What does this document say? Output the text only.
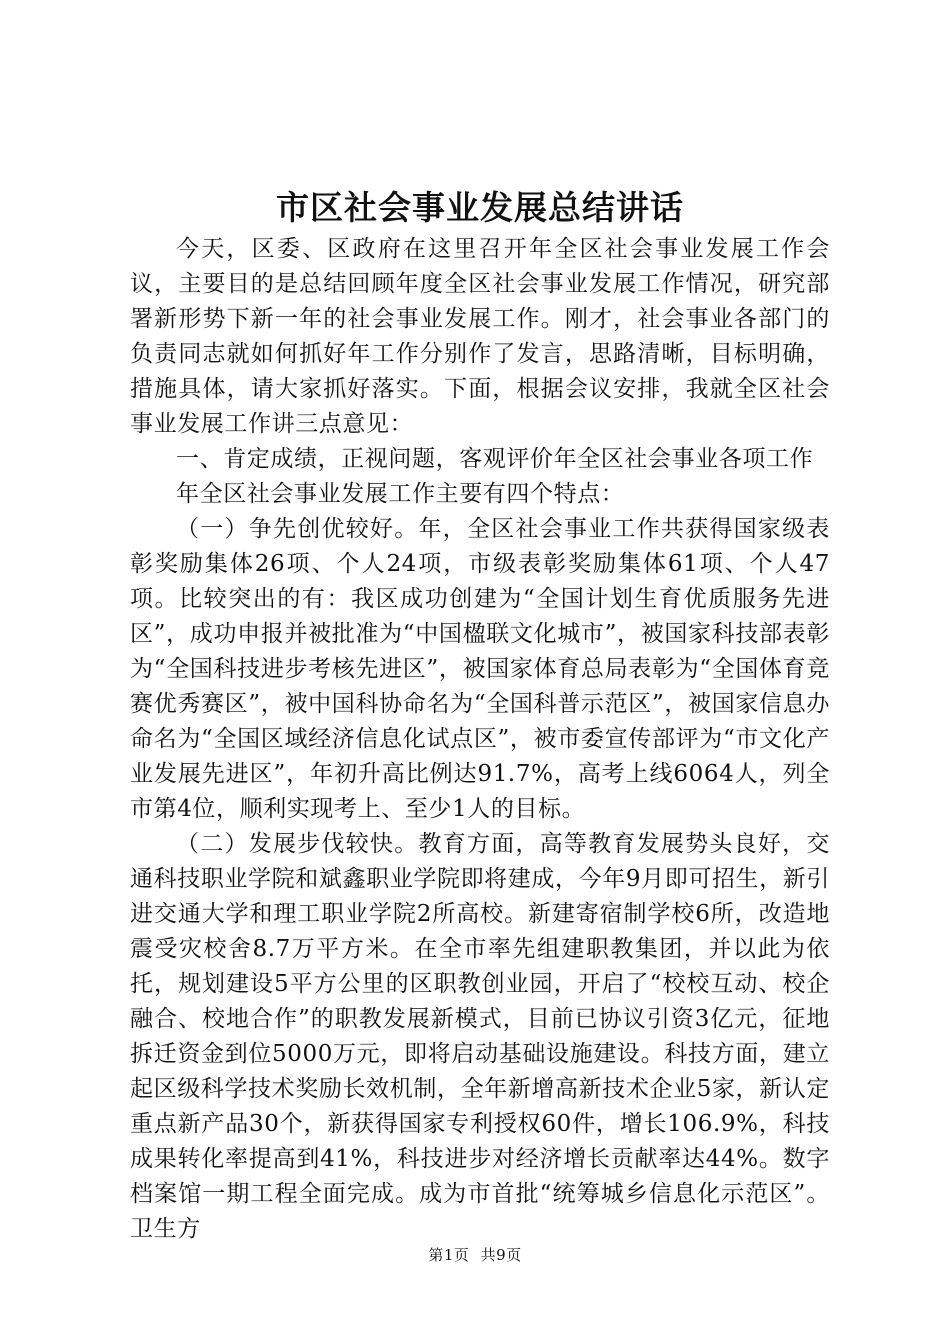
市区社会事业发展总结讲话

今天，区委、区政府在这里召开年全区社会事业发展工作会议，主要目的是总结回顾年度全区社会事业发展工作情况，研究部署新形势下新一年的社会事业发展工作。刚才，社会事业各部门的负责同志就如何抓好年工作分别作了发言，思路清晰，目标明确，措施具体，请大家抓好落实。下面，根据会议安排，我就全区社会事业发展工作讲三点意见：

一、肯定成绩，正视问题，客观评价年全区社会事业各项工作

年全区社会事业发展工作主要有四个特点：

（一）争先创优较好。年，全区社会事业工作共获得国家级表彰奖励集体26项、个人24项，市级表彰奖励集体61项、个人47项。比较突出的有：我区成功创建为“全国计划生育优质服务先进区”，成功申报并被批准为“中国楹联文化城市”，被国家科技部表彰为“全国科技进步考核先进区”，被国家体育总局表彰为“全国体育竞赛优秀赛区”，被中国科协命名为“全国科普示范区”，被国家信息办命名为“全国区域经济信息化试点区”，被市委宣传部评为“市文化产业发展先进区”，年初升高比例达91.7%，高考上线6064人，列全市第4位，顺利实现考上、至少1人的目标。

（二）发展步伐较快。教育方面，高等教育发展势头良好，交通科技职业学院和斌鑫职业学院即将建成，今年9月即可招生，新引进交通大学和理工职业学院2所高校。新建寄宿制学校6所，改造地震受灾校舍8.7万平方米。在全市率先组建职教集团，并以此为依托，规划建设5平方公里的区职教创业园，开启了“校校互动、校企融合、校地合作”的职教发展新模式，目前已协议引资3亿元，征地拆迁资金到位5000万元，即将启动基础设施建设。科技方面，建立起区级科学技术奖励长效机制，全年新增高新技术企业5家，新认定重点新产品30个，新获得国家专利授权60件，增长106.9%，科技成果转化率提高到41%，科技进步对经济增长贡献率达44%。数字档案馆一期工程全面完成。成为市首批“统筹城乡信息化示范区”。卫生方

第1页 共9页
